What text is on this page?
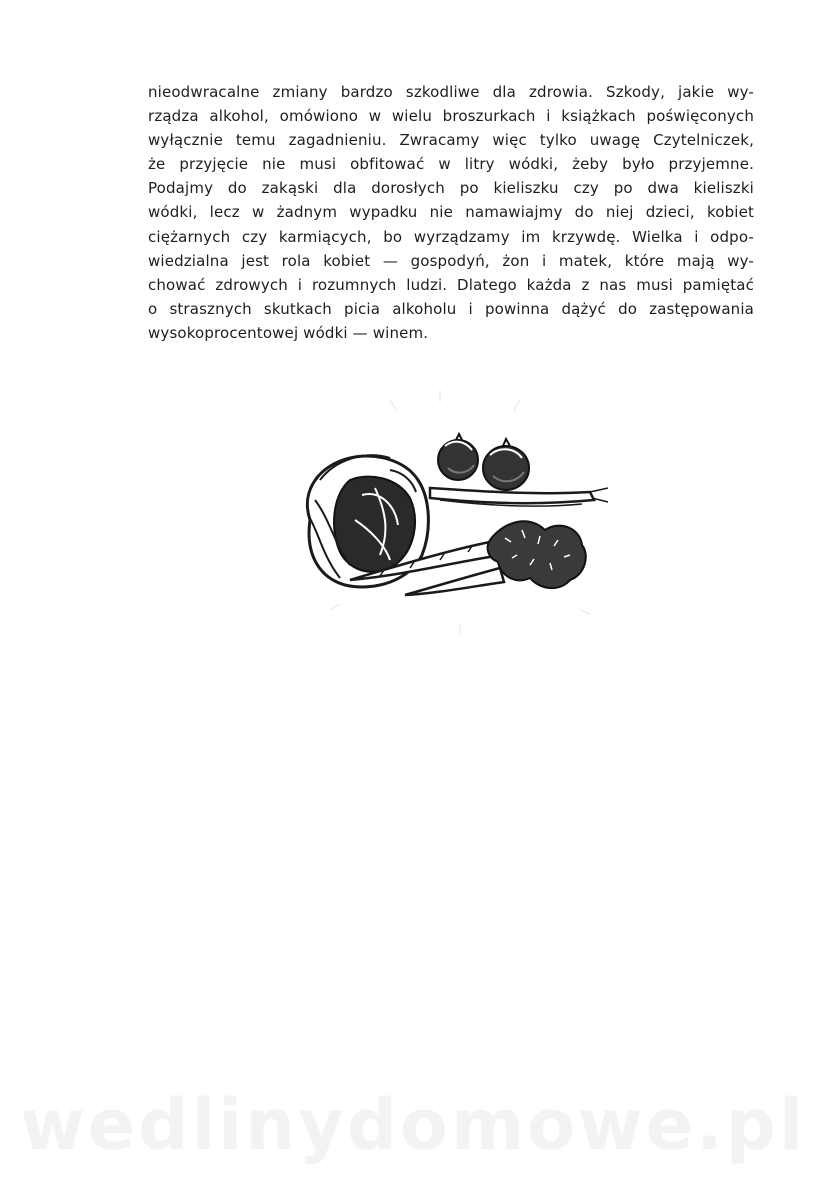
nieodwracalne zmiany bardzo szkodliwe dla zdrowia. Szkody, jakie wy-
rządza alkohol, omówiono w wielu broszurkach i książkach poświęconych
wyłącznie temu zagadnieniu. Zwracamy więc tylko uwagę Czytelniczek,
że przyjęcie nie musi obfitować w litry wódki, żeby było przyjemne.
Podajmy do zakąski dla dorosłych po kieliszku czy po dwa kieliszki
wódki, lecz w żadnym wypadku nie namawiajmy do niej dzieci, kobiet
ciężarnych czy karmiących, bo wyrządzamy im krzywdę. Wielka i odpo-
wiedzialna jest rola kobiet — gospodyń, żon i matek, które mają wy-
chować zdrowych i rozumnych ludzi. Dlatego każda z nas musi pamiętać
o strasznych skutkach picia alkoholu i powinna dążyć do zastępowania
wysokoprocentowej wódki — winem.
wedlinydomowe.pl
